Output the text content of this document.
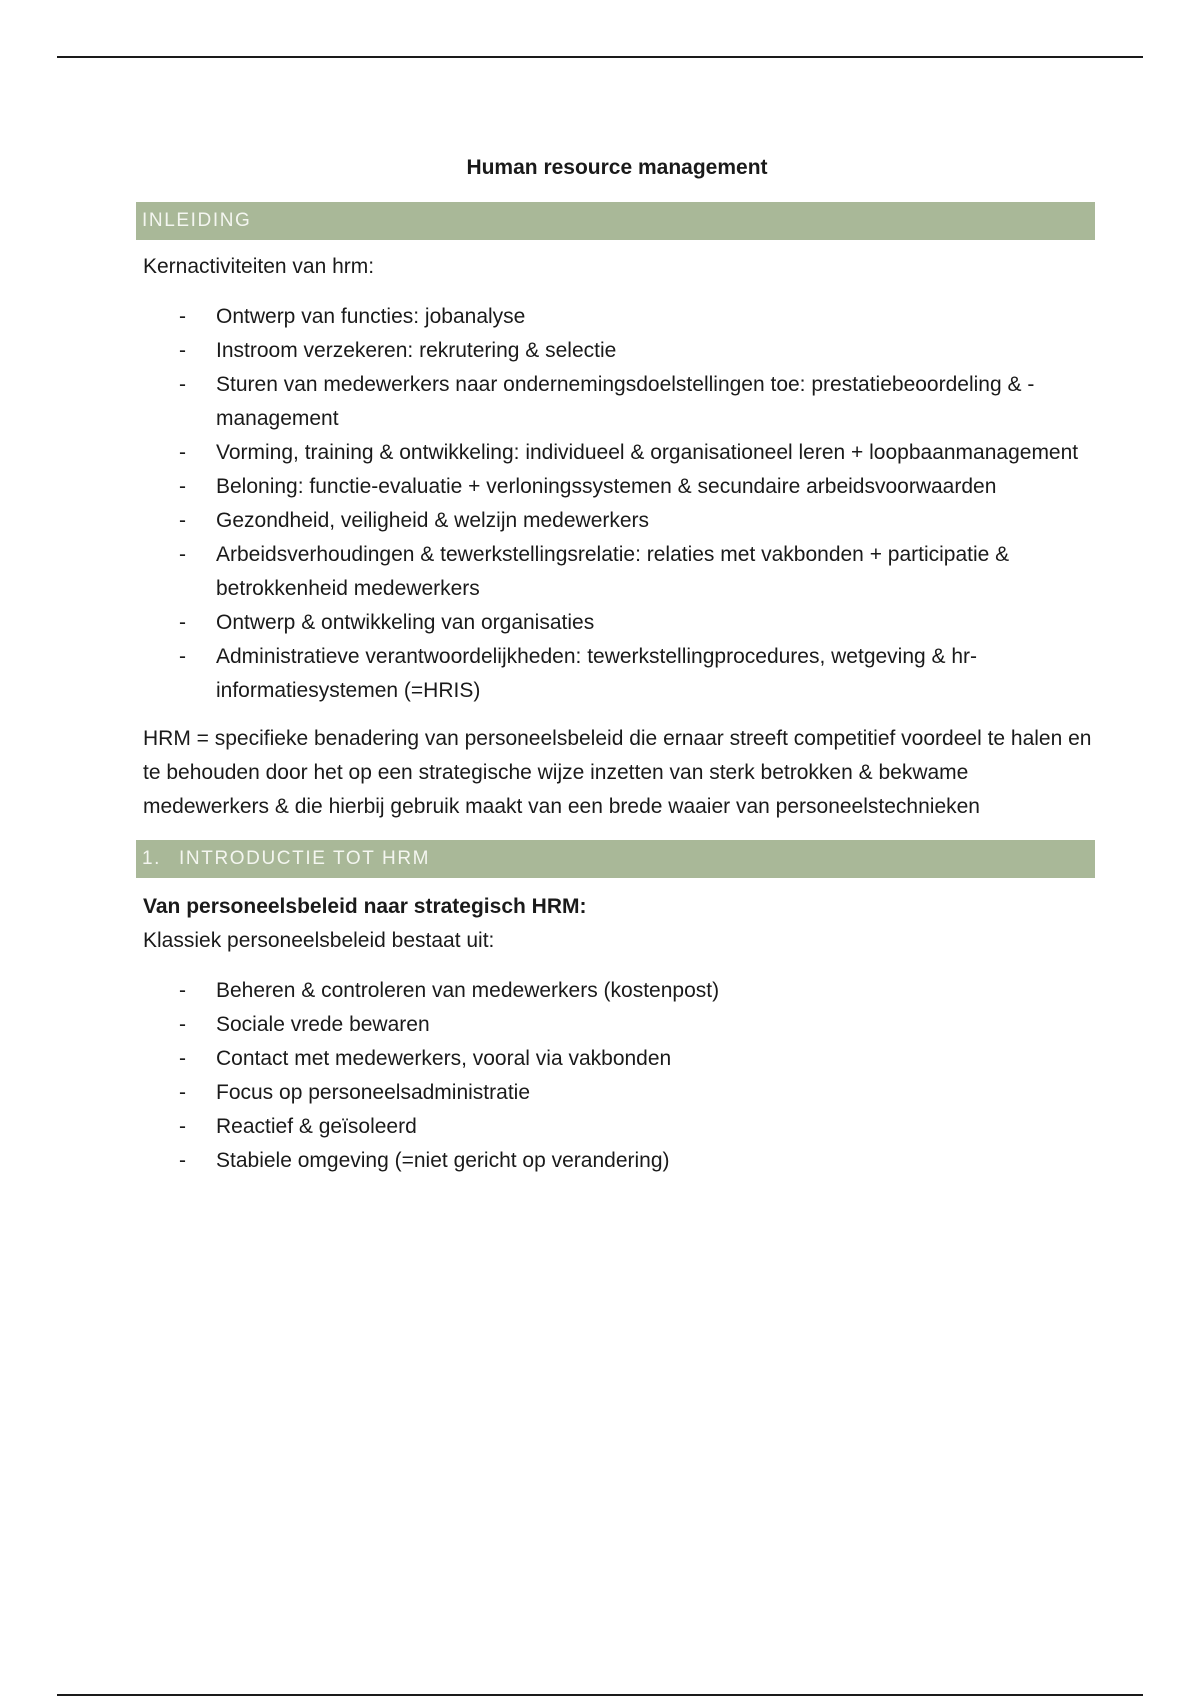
Human resource management
INLEIDING

Kernactiviteiten van hrm:

- Ontwerp van functies: jobanalyse
- Instroom verzekeren: rekrutering & selectie
- Sturen van medewerkers naar ondernemingsdoelstellingen toe: prestatiebeoordeling & -management
- Vorming, training & ontwikkeling: individueel & organisationeel leren + loopbaanmanagement
- Beloning: functie-evaluatie + verloningssystemen & secundaire arbeidsvoorwaarden
- Gezondheid, veiligheid & welzijn medewerkers
- Arbeidsverhoudingen & tewerkstellingsrelatie: relaties met vakbonden + participatie & betrokkenheid medewerkers
- Ontwerp & ontwikkeling van organisaties
- Administratieve verantwoordelijkheden: tewerkstellingprocedures, wetgeving & hr-informatiesystemen (=HRIS)

HRM = specifieke benadering van personeelsbeleid die ernaar streeft competitief voordeel te halen en te behouden door het op een strategische wijze inzetten van sterk betrokken & bekwame medewerkers & die hierbij gebruik maakt van een brede waaier van personeelstechnieken

1. INTRODUCTIE TOT HRM

Van personeelsbeleid naar strategisch HRM:

Klassiek personeelsbeleid bestaat uit:

- Beheren & controleren van medewerkers (kostenpost)
- Sociale vrede bewaren
- Contact met medewerkers, vooral via vakbonden
- Focus op personeelsadministratie
- Reactief & geïsoleerd
- Stabiele omgeving (=niet gericht op verandering)
